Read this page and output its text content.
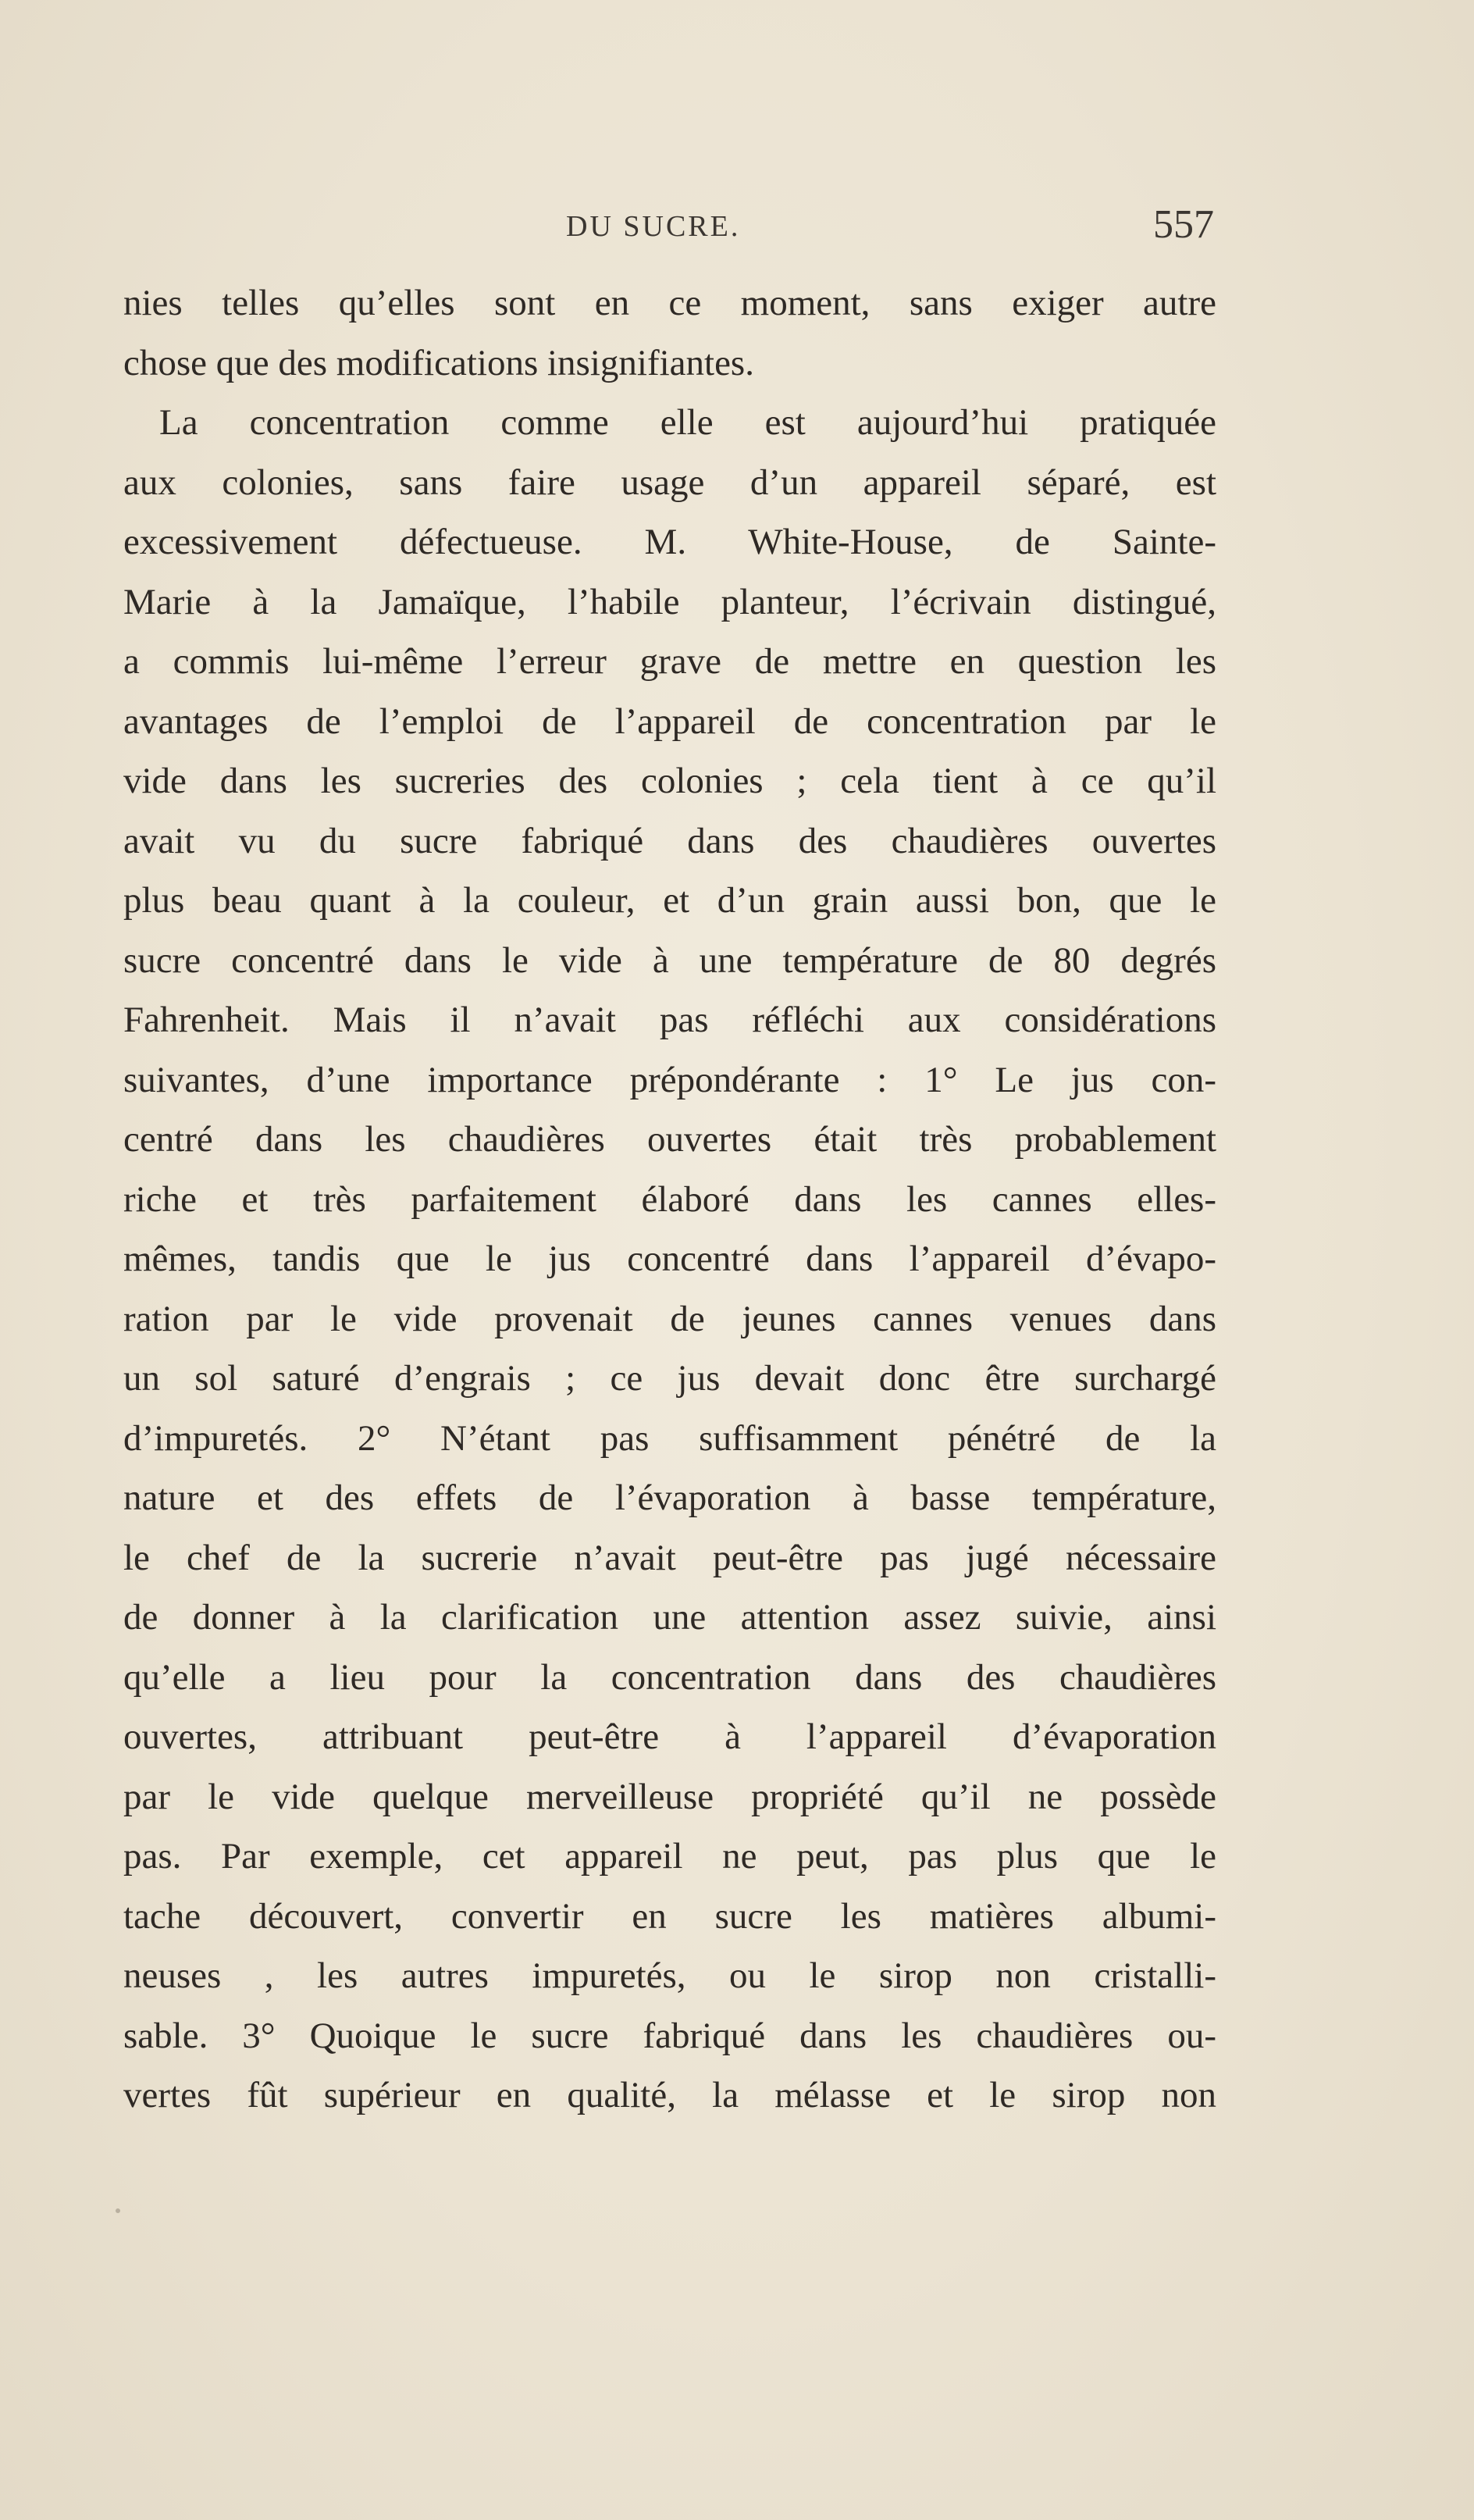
DU SUCRE.	557
nies telles qu’elles sont en ce moment, sans exiger autre
chose que des modifications insignifiantes.
La concentration comme elle est aujourd’hui pratiquée
aux colonies, sans faire usage d’un appareil séparé, est
excessivement défectueuse. M. White-House, de Sainte-
Marie à la Jamaïque, l’habile planteur, l’écrivain distingué,
a commis lui-même l’erreur grave de mettre en question les
avantages de l’emploi de l’appareil de concentration par le
vide dans les sucreries des colonies ; cela tient à ce qu’il
avait vu du sucre fabriqué dans des chaudières ouvertes
plus beau quant à la couleur, et d’un grain aussi bon, que le
sucre concentré dans le vide à une température de 80 degrés
Fahrenheit. Mais il n’avait pas réfléchi aux considérations
suivantes, d’une importance prépondérante : 1° Le jus con-
centré dans les chaudières ouvertes était très probablement
riche et très parfaitement élaboré dans les cannes elles-
mêmes, tandis que le jus concentré dans l’appareil d’évapo-
ration par le vide provenait de jeunes cannes venues dans
un sol saturé d’engrais ; ce jus devait donc être surchargé
d’impuretés. 2° N’étant pas suffisamment pénétré de la
nature et des effets de l’évaporation à basse température,
le chef de la sucrerie n’avait peut-être pas jugé nécessaire
de donner à la clarification une attention assez suivie, ainsi
qu’elle a lieu pour la concentration dans des chaudières
ouvertes, attribuant peut-être à l’appareil d’évaporation
par le vide quelque merveilleuse propriété qu’il ne possède
pas. Par exemple, cet appareil ne peut, pas plus que le
tache découvert, convertir en sucre les matières albumi-
neuses , les autres impuretés, ou le sirop non cristalli-
sable. 3° Quoique le sucre fabriqué dans les chaudières ou-
vertes fût supérieur en qualité, la mélasse et le sirop non
